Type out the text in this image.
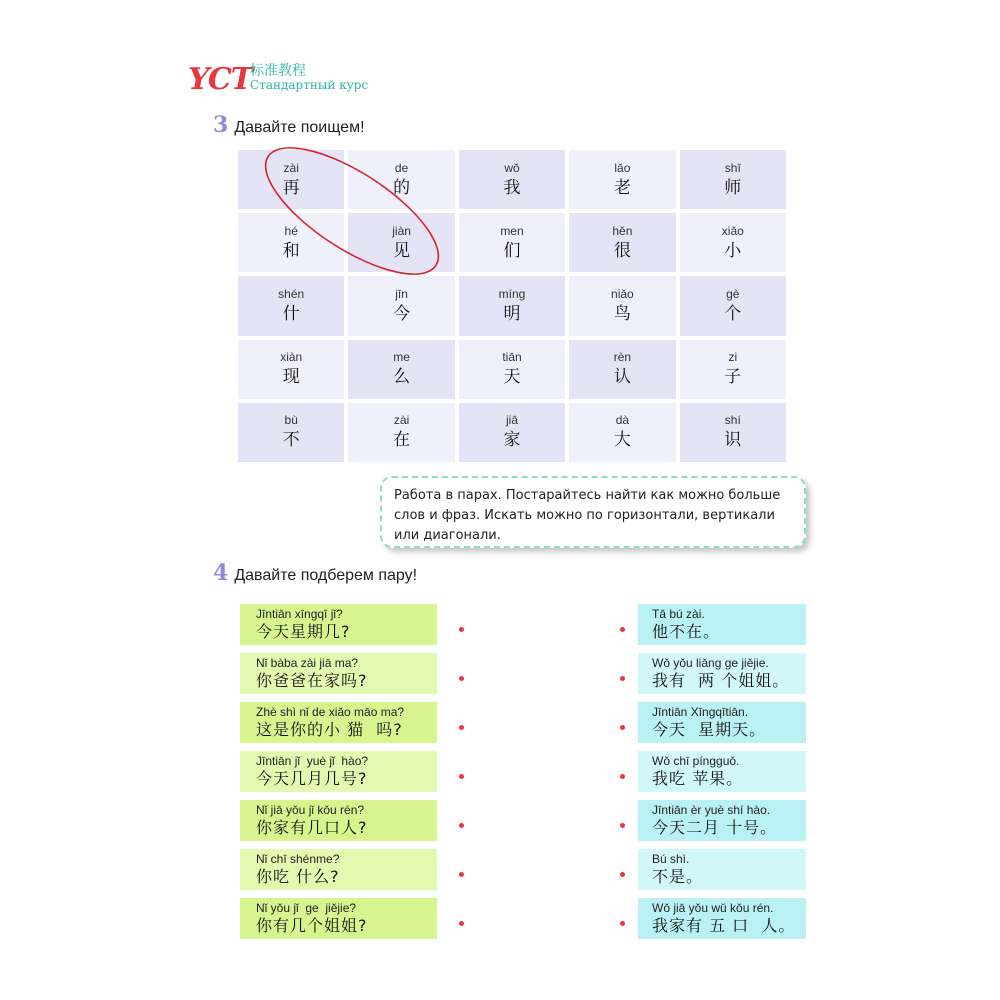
YCT
标准教程
Стандартный курс
3 Давайте поищем!
zài
再
de
的
wǒ
我
lǎo
老
shī
师
hé
和
jiàn
见
men
们
hěn
很
xiǎo
小
shén
什
jīn
今
míng
明
niǎo
鸟
gè
个
xiàn
现
me
么
tiān
天
rèn
认
zi
子
bù
不
zài
在
jiā
家
dà
大
shí
识
Работа в парах. Постарайтесь найти как можно больше слов и фраз. Искать можно по горизонтали, вертикали или диагонали.
4 Давайте подберем пару!
Jīntiān xīngqī jǐ?
今天星期几?
Nǐ bàba zài jiā ma?
你爸爸在家吗?
Zhè shì nǐ de xiǎo māo ma?
这是你的小 猫  吗?
Jīntiān jǐ  yuè jǐ  hào?
今天几月几号?
Nǐ jiā yǒu jǐ kǒu rén?
你家有几口人?
Nǐ chī shénme?
你吃 什么?
Nǐ yǒu jǐ  ge  jiějie?
你有几个姐姐?
Tā bú zài.
他不在。
Wǒ yǒu liǎng ge jiějie.
我有  两 个姐姐。
Jīntiān Xīngqītiān.
今天  星期天。
Wǒ chī píngguǒ.
我吃 苹果。
Jīntiān èr yuè shí hào.
今天二月 十号。
Bú shì.
不是。
Wǒ jiā yǒu wǔ kǒu rén.
我家有 五 口  人。
